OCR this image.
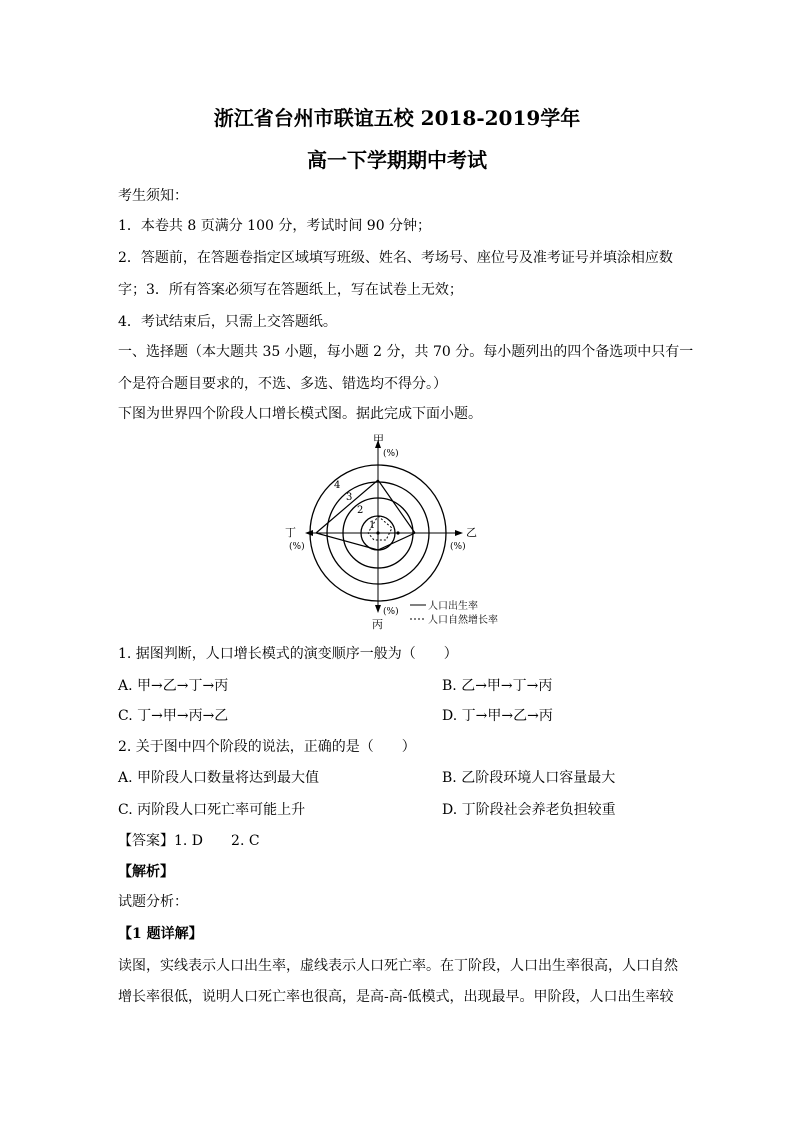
浙江省台州市联谊五校 2018-2019学年
高一下学期期中考试
考生须知：
1．本卷共 8 页满分 100 分，考试时间 90 分钟；
2．答题前，在答题卷指定区域填写班级、姓名、考场号、座位号及准考证号并填涂相应数
字；3．所有答案必须写在答题纸上，写在试卷上无效；
4．考试结束后，只需上交答题纸。
一、选择题（本大题共 35 小题，每小题 2 分，共 70 分。每小题列出的四个备选项中只有一
个是符合题目要求的，不选、多选、错选均不得分。）
下图为世界四个阶段人口增长模式图。据此完成下面小题。
甲
(%)
乙
(%)
丙
(%)
丁
(%)
1
2
3
4
人口出生率
人口自然增长率
1. 据图判断，人口增长模式的演变顺序一般为（　　）
A. 甲→乙→丁→丙	B. 乙→甲→丁→丙
C. 丁→甲→丙→乙	D. 丁→甲→乙→丙
2. 关于图中四个阶段的说法，正确的是（　　）
A. 甲阶段人口数量将达到最大值	B. 乙阶段环境人口容量最大
C. 丙阶段人口死亡率可能上升	D. 丁阶段社会养老负担较重
【答案】1. D　　2. C
【解析】
试题分析：
【1 题详解】
读图，实线表示人口出生率，虚线表示人口死亡率。在丁阶段，人口出生率很高，人口自然
增长率很低，说明人口死亡率也很高，是高-高-低模式，出现最早。甲阶段，人口出生率较
